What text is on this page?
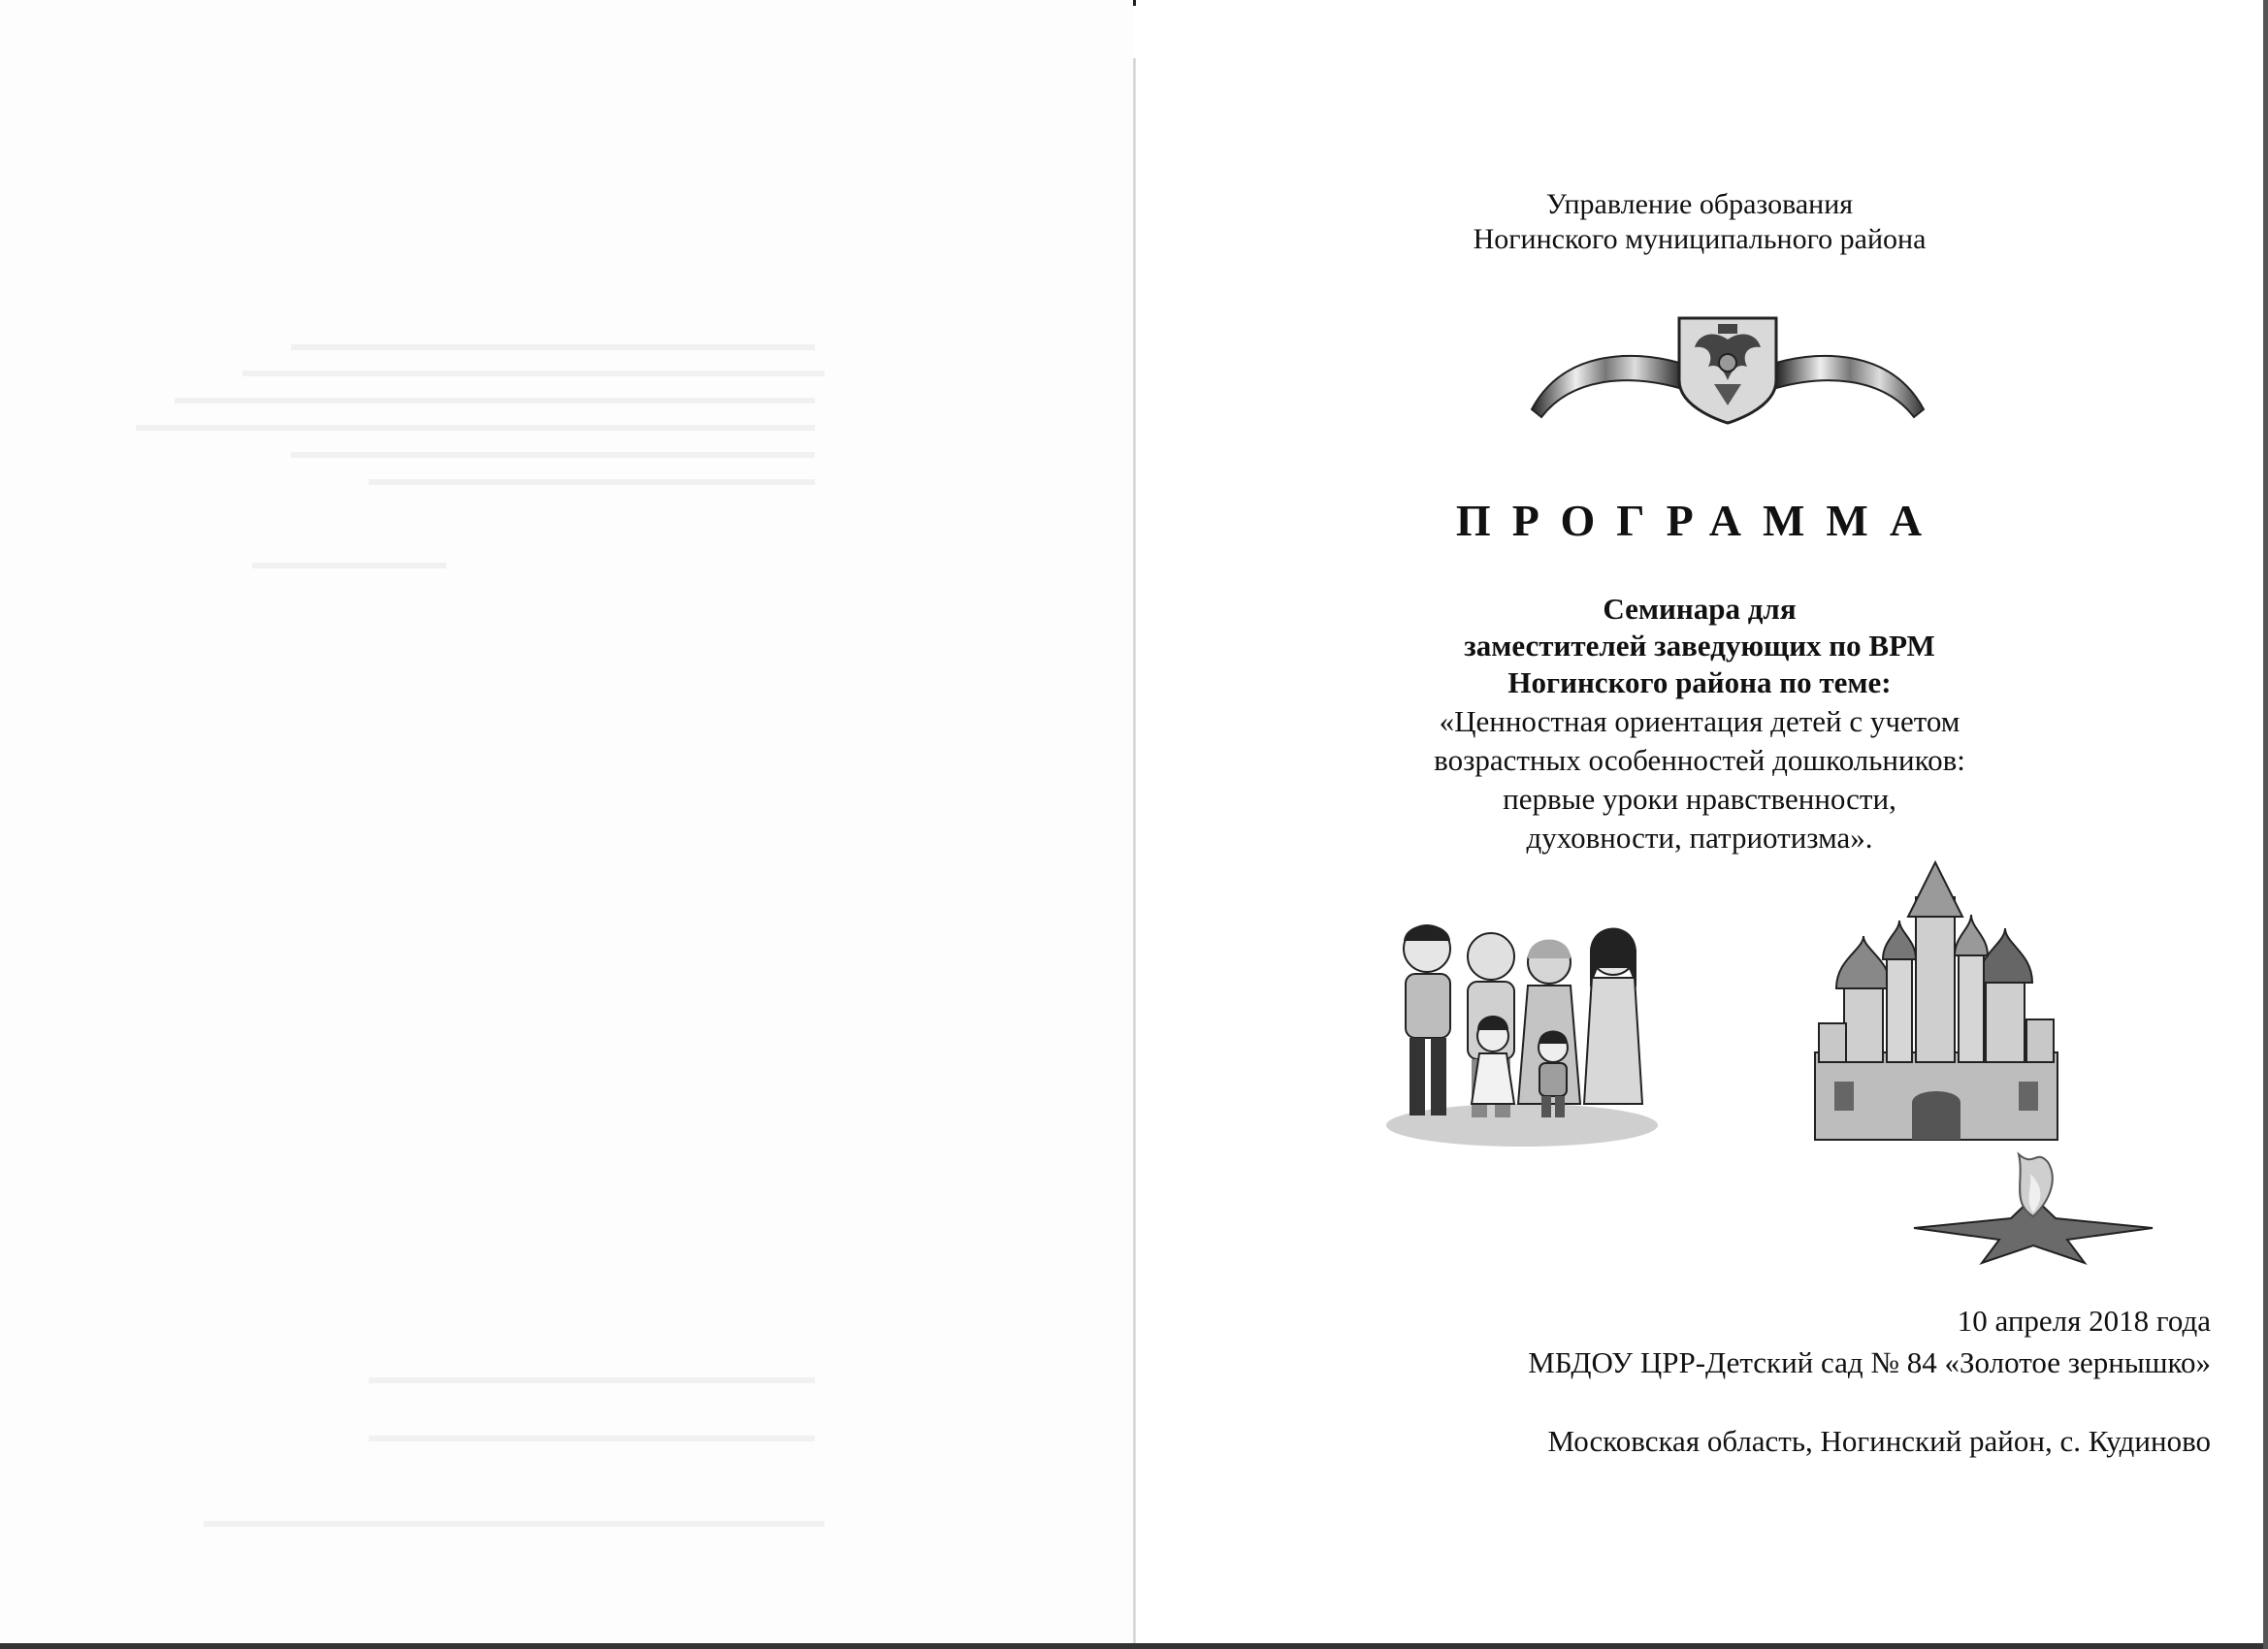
Управление образования
Ногинского муниципального района
ПРОГРАММА
Семинара для
заместителей заведующих по ВРМ
Ногинского района по теме:
«Ценностная ориентация детей с учетом
возрастных особенностей дошкольников:
первые уроки нравственности,
духовности, патриотизма».
10 апреля 2018 года
МБДОУ ЦРР-Детский сад № 84 «Золотое зернышко»
Московская область, Ногинский район, с. Кудиново
